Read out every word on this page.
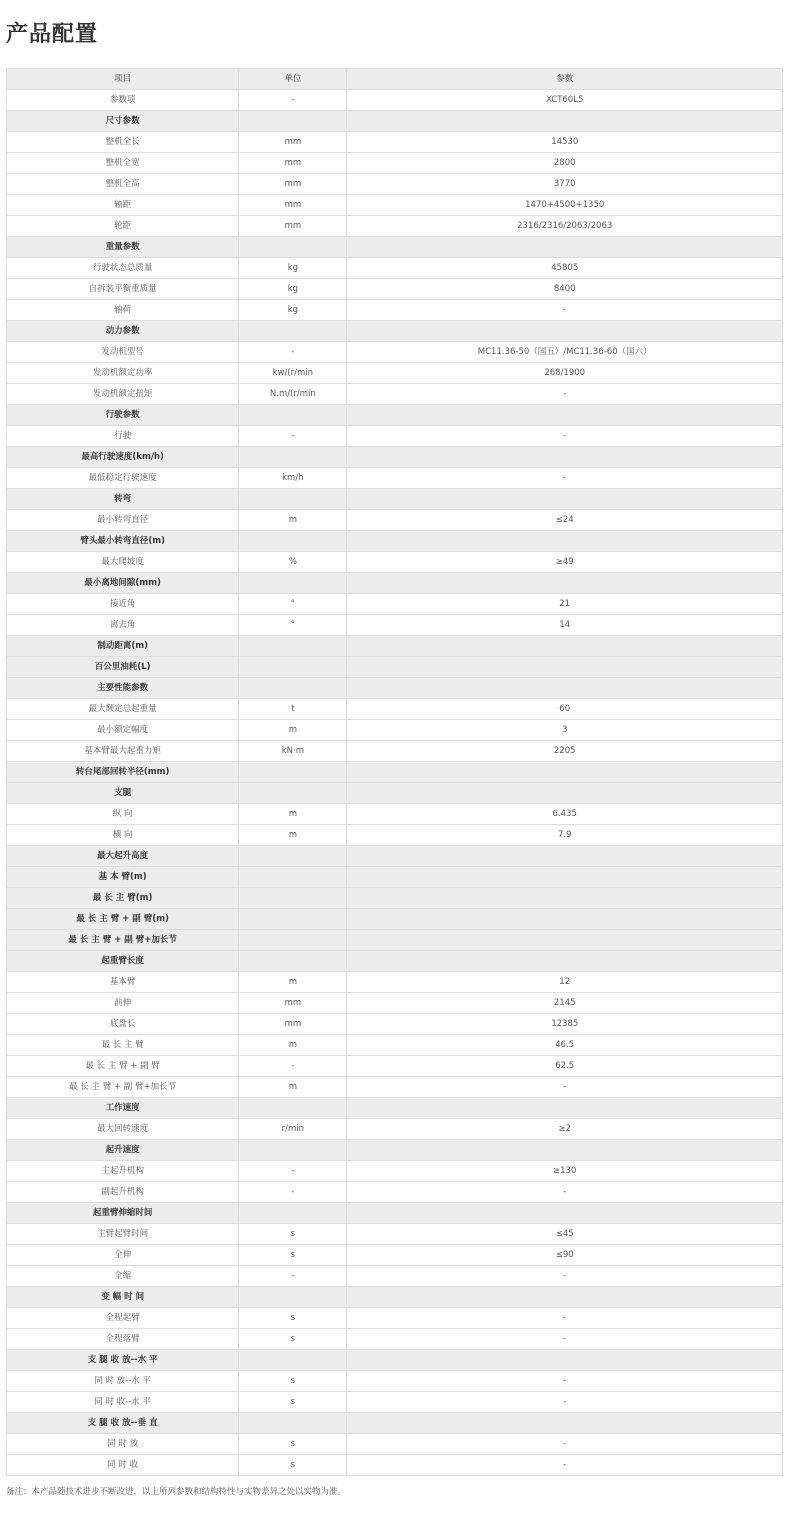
产品配置
项目	单位	参数
参数项	-	XCT60L5
尺寸参数		
整机全长	mm	14530
整机全宽	mm	2800
整机全高	mm	3770
轴距	mm	1470+4500+1350
轮距	mm	2316/2316/2063/2063
重量参数		
行驶状态总质量	kg	45805
自拆装平衡重质量	kg	8400
轴荷	kg	-
动力参数		
发动机型号	-	MC11.36-50（国五）/MC11.36-60（国六）
发动机额定功率	kw/(r/min	268/1900
发动机额定扭矩	N.m/(r/min	-
行驶参数		
行驶	-	-
最高行驶速度(km/h)		
最低稳定行驶速度	km/h	-
转弯		
最小转弯直径	m	≤24
臂头最小转弯直径(m)		
最大爬坡度	%	≥49
最小离地间隙(mm)		
接近角	°	21
离去角	°	14
制动距离(m)		
百公里油耗(L)		
主要性能参数		
最大额定总起重量	t	60
最小额定幅度	m	3
基本臂最大起重力矩	kN·m	2205
转台尾部回转半径(mm)		
支腿		
纵 向	m	6.435
横 向	m	7.9
最大起升高度		
基 本 臂(m)		
最 长 主 臂(m)		
最 长 主 臂 + 副 臂(m)		
最 长 主 臂 + 副 臂+加长节		
起重臂长度		
基本臂	m	12
前伸	mm	2145
底盘长	mm	12385
最 长 主 臂	m	46.5
最 长 主 臂 + 副 臂	-	62.5
最 长 主 臂 + 副 臂+加长节	m	-
工作速度		
最大回转速度	r/min	≥2
起升速度		
主起升机构	-	≥130
副起升机构	-	-
起重臂伸缩时间		
主臂起臂时间	s	≤45
全伸	s	≤90
全缩	-	-
变 幅 时 间		
全程起臂	s	-
全程落臂	s	-
支 腿 收 放--水 平		
同 时 放--水 平	s	-
同 时 收--水 平	s	-
支 腿 收 放--垂 直		
同 时 放	s	-
同 时 收	s	-

备注：本产品随技术进步不断改进，以上所列参数和结构特性与实物差异之处以实物为准。
